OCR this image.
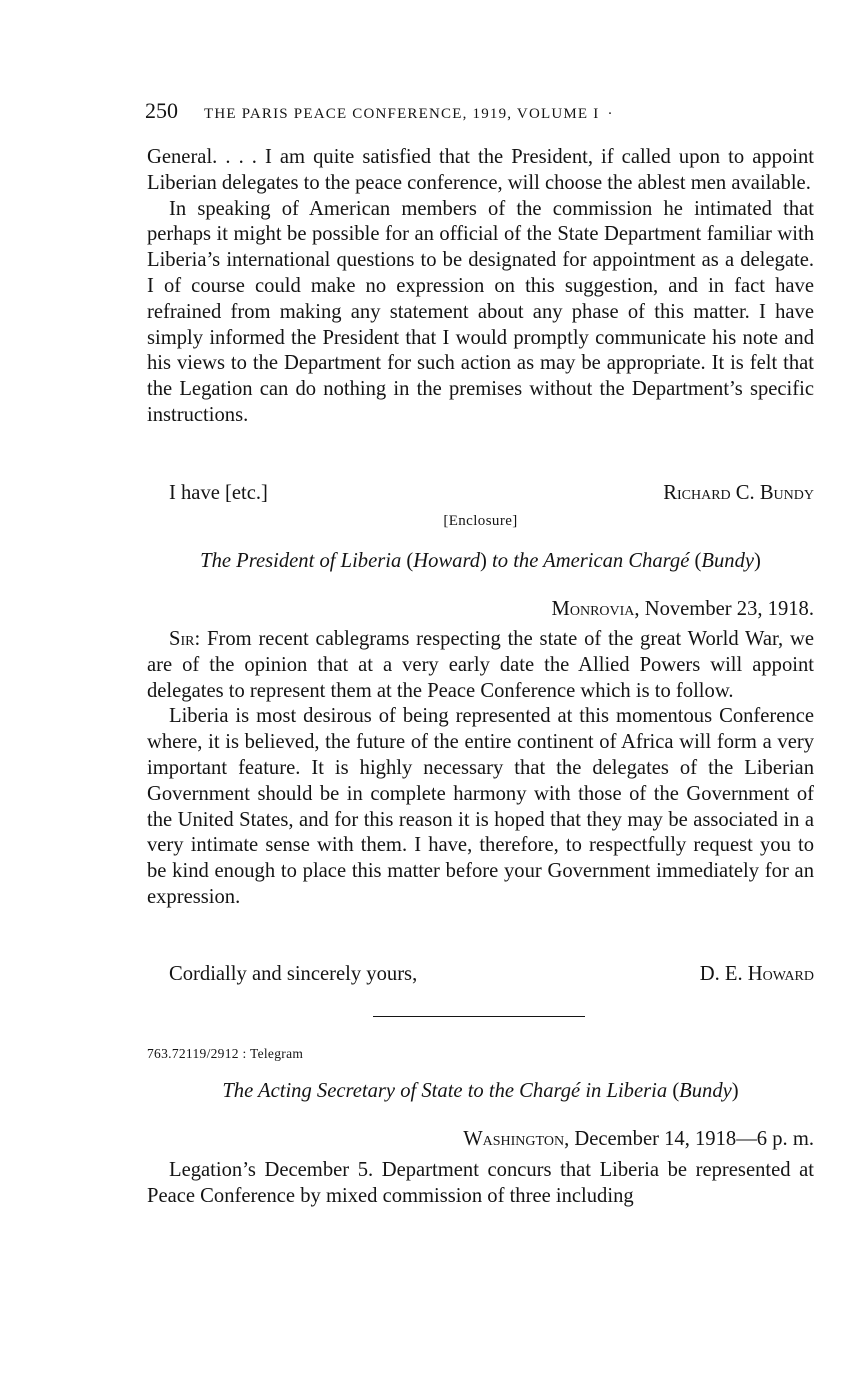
250 THE PARIS PEACE CONFERENCE, 1919, VOLUME I ·

General. . . . I am quite satisfied that the President, if called upon to appoint Liberian delegates to the peace conference, will choose the ablest men available.

In speaking of American members of the commission he intimated that perhaps it might be possible for an official of the State Department familiar with Liberia’s international questions to be designated for appointment as a delegate. I of course could make no expression on this suggestion, and in fact have refrained from making any statement about any phase of this matter. I have simply informed the President that I would promptly communicate his note and his views to the Department for such action as may be appropriate. It is felt that the Legation can do nothing in the premises without the Department’s specific instructions.

I have [etc.]	Richard C. Bundy
[Enclosure]
The President of Liberia (Howard) to the American Chargé (Bundy)
Monrovia, November 23, 1918.

Sir: From recent cablegrams respecting the state of the great World War, we are of the opinion that at a very early date the Allied Powers will appoint delegates to represent them at the Peace Conference which is to follow.

Liberia is most desirous of being represented at this momentous Conference where, it is believed, the future of the entire continent of Africa will form a very important feature. It is highly necessary that the delegates of the Liberian Government should be in complete harmony with those of the Government of the United States, and for this reason it is hoped that they may be associated in a very intimate sense with them. I have, therefore, to respectfully request you to be kind enough to place this matter before your Government immediately for an expression.

Cordially and sincerely yours,	D. E. Howard
763.72119/2912 : Telegram
The Acting Secretary of State to the Chargé in Liberia (Bundy)
Washington, December 14, 1918—6 p. m.

Legation’s December 5. Department concurs that Liberia be represented at Peace Conference by mixed commission of three including
